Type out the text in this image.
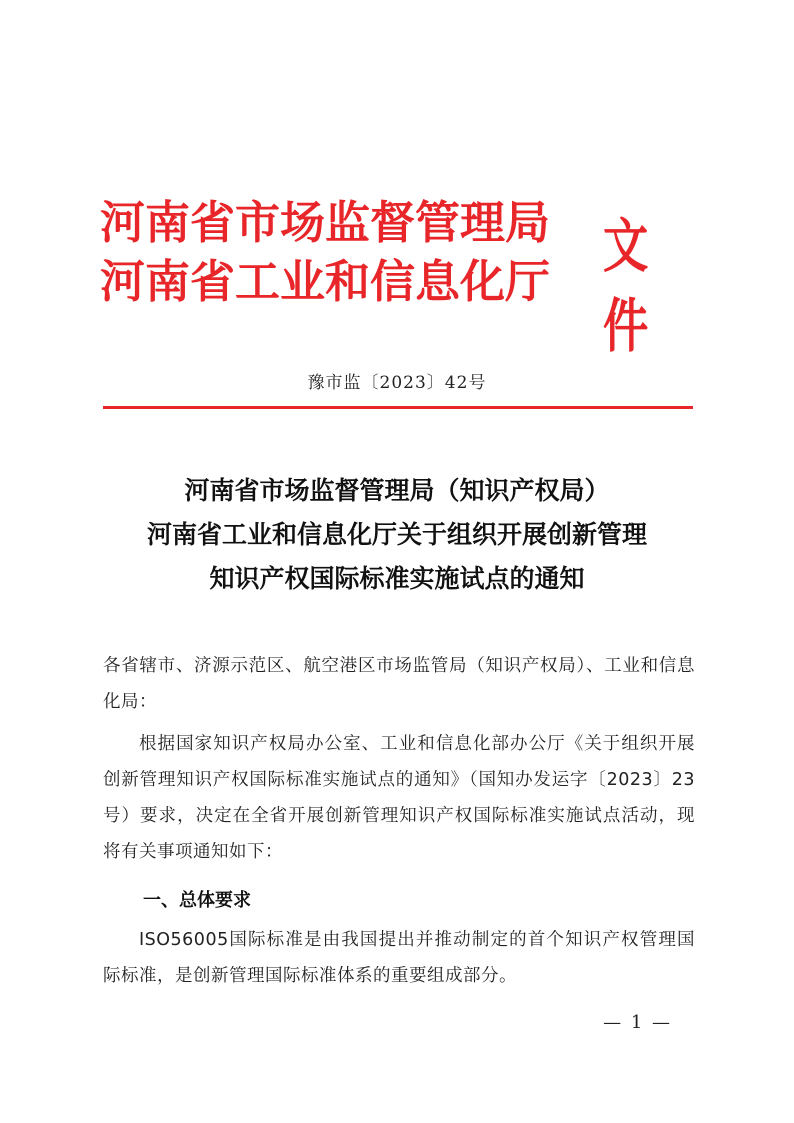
河南省市场监督管理局
河南省工业和信息化厅
文件
豫市监〔2023〕42号
河南省市场监督管理局（知识产权局）
河南省工业和信息化厅关于组织开展创新管理
知识产权国际标准实施试点的通知
各省辖市、济源示范区、航空港区市场监管局（知识产权局）、工业和信息化局：
根据国家知识产权局办公室、工业和信息化部办公厅《关于组织开展创新管理知识产权国际标准实施试点的通知》（国知办发运字〔2023〕23号）要求，决定在全省开展创新管理知识产权国际标准实施试点活动，现将有关事项通知如下：
一、总体要求
ISO56005国际标准是由我国提出并推动制定的首个知识产权管理国际标准，是创新管理国际标准体系的重要组成部分。
— 1 —
